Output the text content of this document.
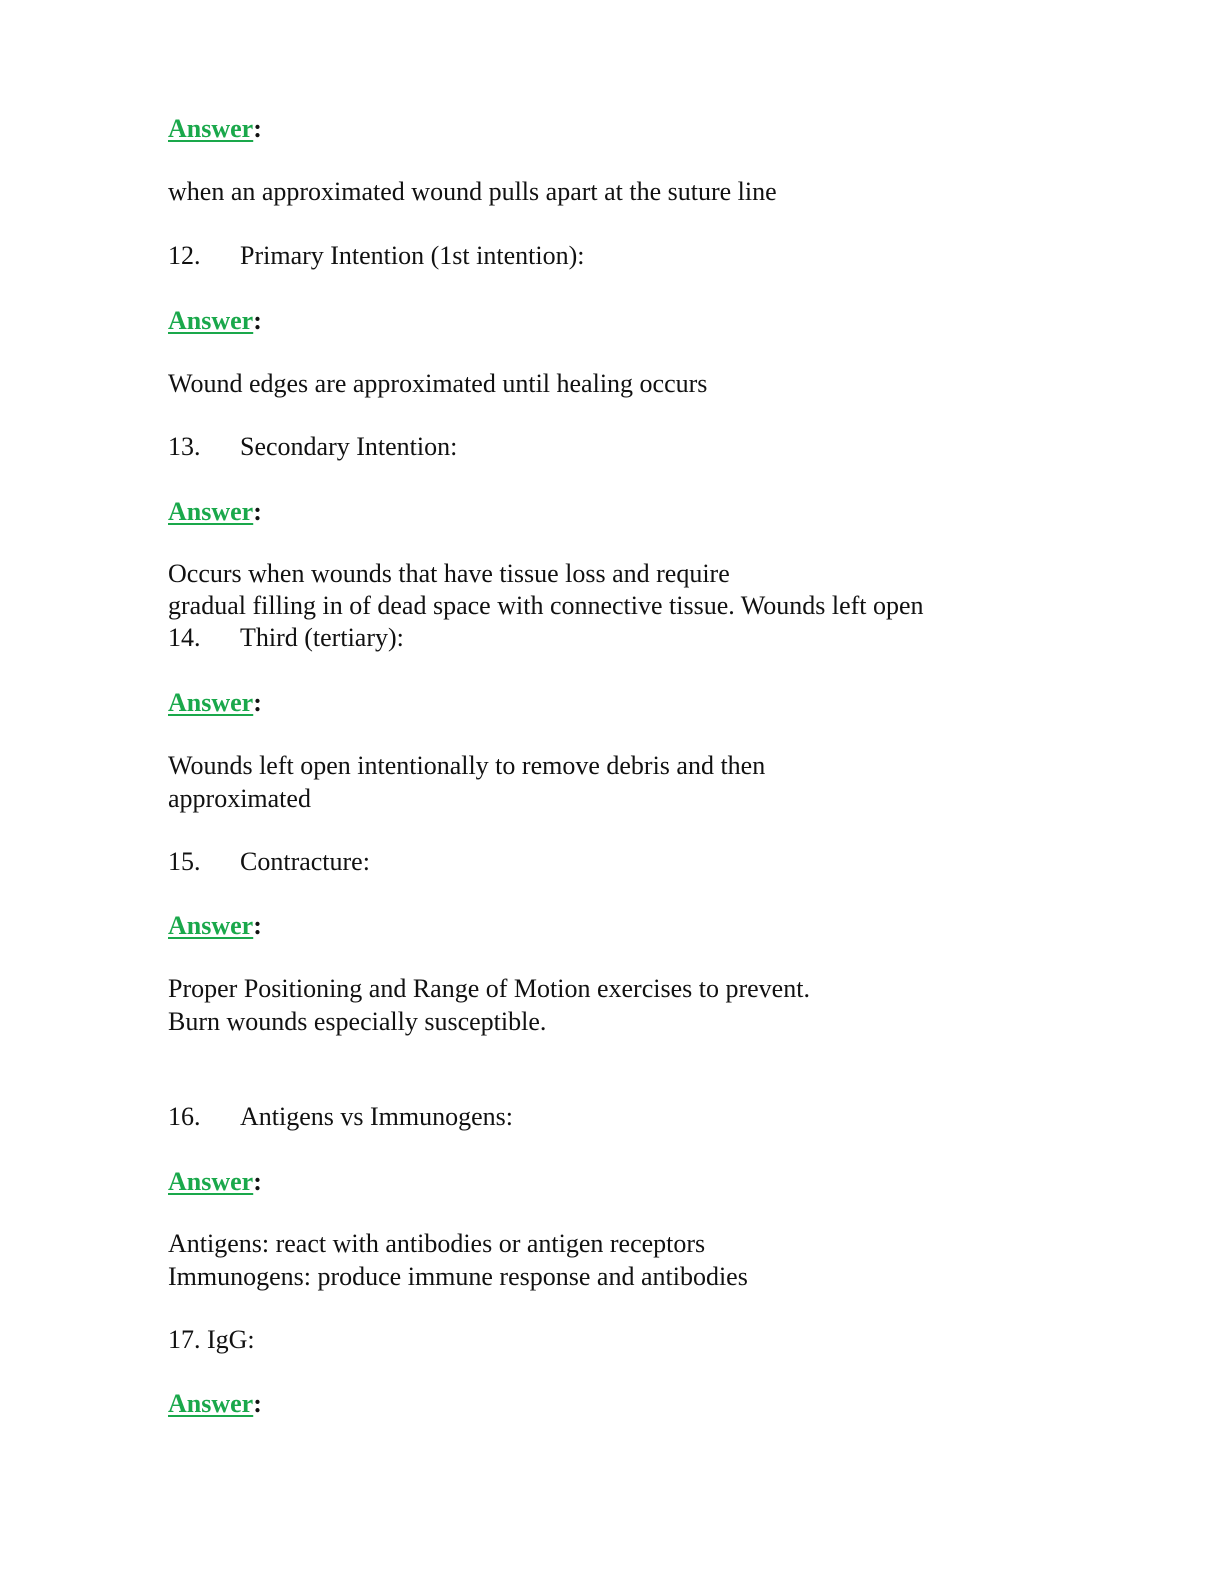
Answer:
when an approximated wound pulls apart at the suture line
12. Primary Intention (1st intention):
Answer:
Wound edges are approximated until healing occurs
13. Secondary Intention:
Answer:
Occurs when wounds that have tissue loss and require
gradual filling in of dead space with connective tissue. Wounds left open
14. Third (tertiary):
Answer:
Wounds left open intentionally to remove debris and then
approximated
15. Contracture:
Answer:
Proper Positioning and Range of Motion exercises to prevent.
Burn wounds especially susceptible.
16. Antigens vs Immunogens:
Answer:
Antigens: react with antibodies or antigen receptors
Immunogens: produce immune response and antibodies
17. IgG:
Answer:
